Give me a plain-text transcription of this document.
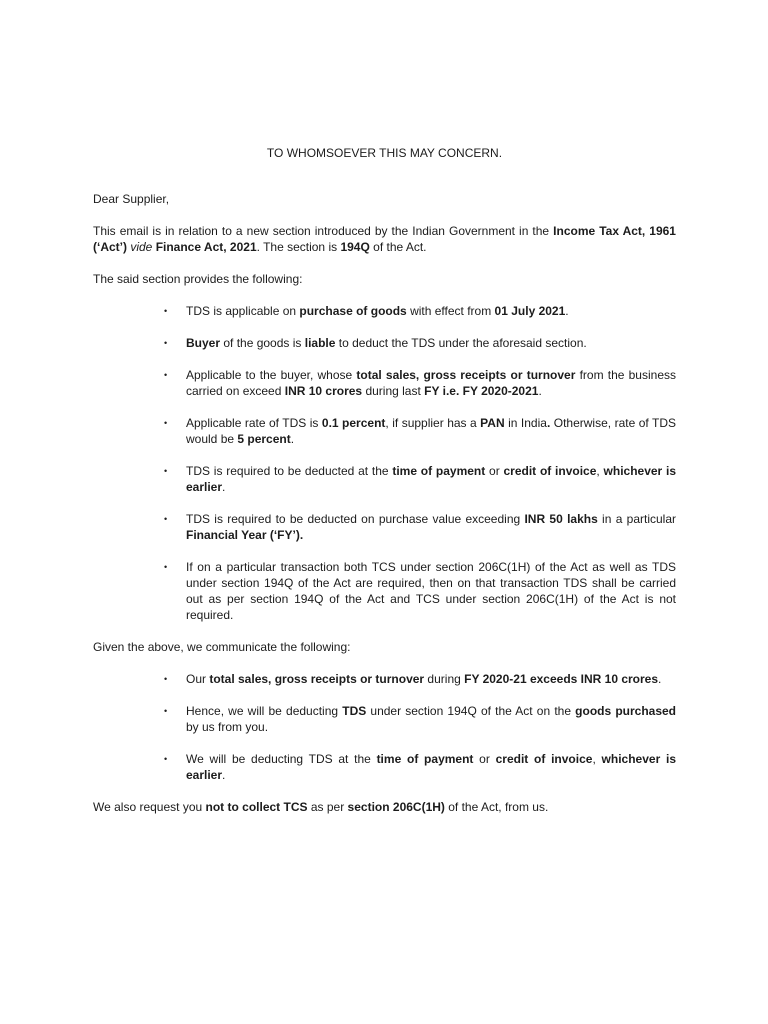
TO WHOMSOEVER THIS MAY CONCERN.

Dear Supplier,

This email is in relation to a new section introduced by the Indian Government in the Income Tax Act, 1961 (‘Act’) vide Finance Act, 2021. The section is 194Q of the Act.

The said section provides the following:

• TDS is applicable on purchase of goods with effect from 01 July 2021.
• Buyer of the goods is liable to deduct the TDS under the aforesaid section.
• Applicable to the buyer, whose total sales, gross receipts or turnover from the business carried on exceed INR 10 crores during last FY i.e. FY 2020-2021.
• Applicable rate of TDS is 0.1 percent, if supplier has a PAN in India. Otherwise, rate of TDS would be 5 percent.
• TDS is required to be deducted at the time of payment or credit of invoice, whichever is earlier.
• TDS is required to be deducted on purchase value exceeding INR 50 lakhs in a particular Financial Year (‘FY’).
• If on a particular transaction both TCS under section 206C(1H) of the Act as well as TDS under section 194Q of the Act are required, then on that transaction TDS shall be carried out as per section 194Q of the Act and TCS under section 206C(1H) of the Act is not required.

Given the above, we communicate the following:

• Our total sales, gross receipts or turnover during FY 2020-21 exceeds INR 10 crores.
• Hence, we will be deducting TDS under section 194Q of the Act on the goods purchased by us from you.
• We will be deducting TDS at the time of payment or credit of invoice, whichever is earlier.

We also request you not to collect TCS as per section 206C(1H) of the Act, from us.
